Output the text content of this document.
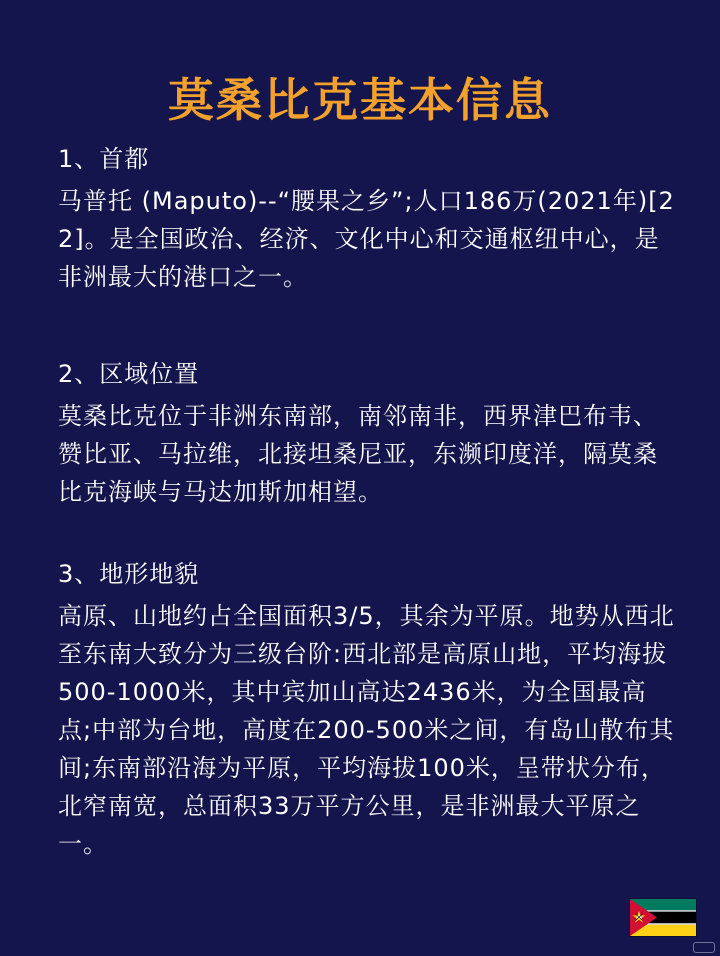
莫桑比克基本信息
1、首都
马普托 (Maputo)--“腰果之乡”;人口186万(2021年)[22]。是全国政治、经济、文化中心和交通枢纽中心，是非洲最大的港口之一。
2、区域位置
莫桑比克位于非洲东南部，南邻南非，西界津巴布韦、赞比亚、马拉维，北接坦桑尼亚，东濒印度洋，隔莫桑比克海峡与马达加斯加相望。
3、地形地貌
高原、山地约占全国面积3/5，其余为平原。地势从西北至东南大致分为三级台阶:西北部是高原山地，平均海拔500-1000米，其中宾加山高达2436米，为全国最高点;中部为台地，高度在200-500米之间，有岛山散布其间;东南部沿海为平原，平均海拔100米，呈带状分布，北窄南宽，总面积33万平方公里，是非洲最大平原之一。
